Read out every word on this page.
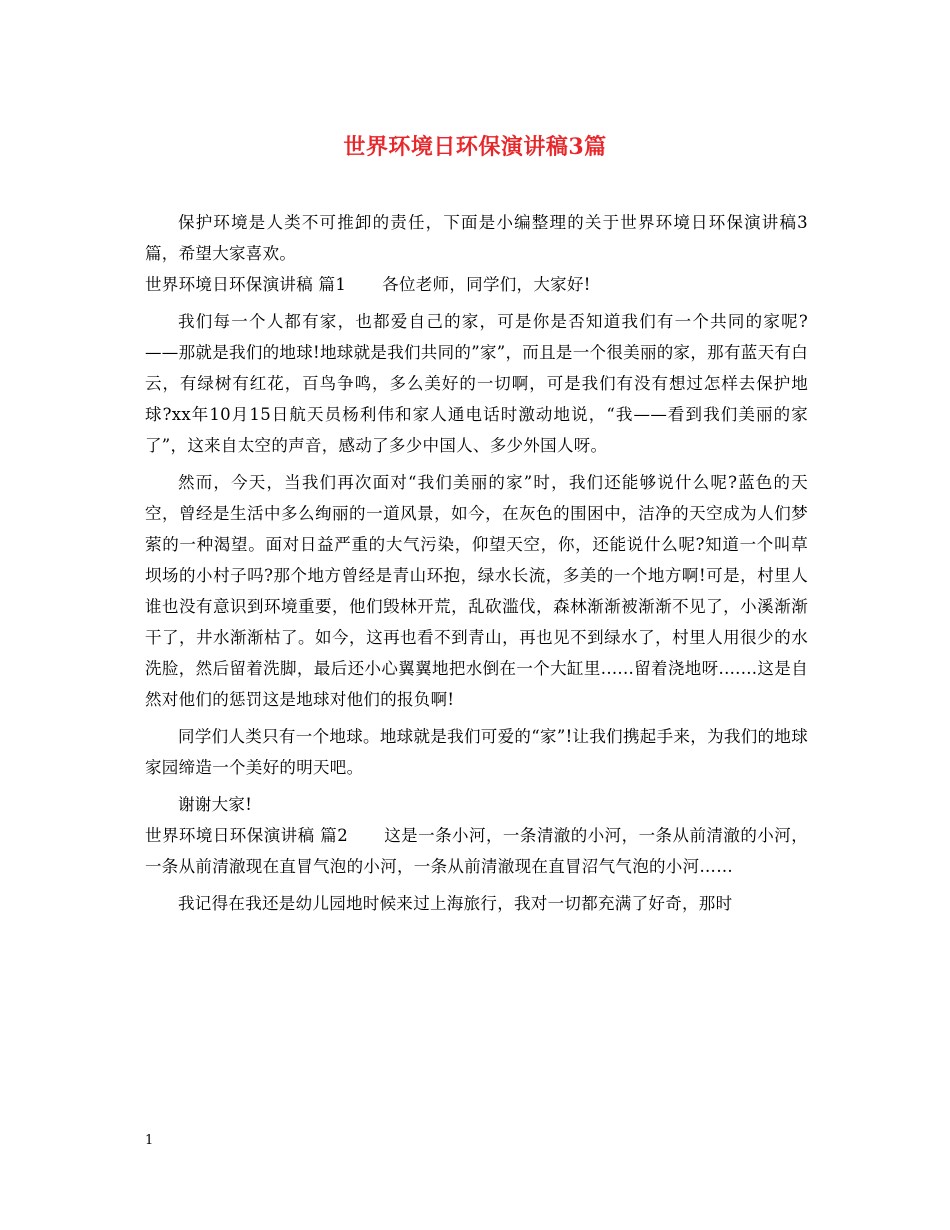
世界环境日环保演讲稿3篇

保护环境是人类不可推卸的责任，下面是小编整理的关于世界环境日环保演讲稿3篇，希望大家喜欢。

世界环境日环保演讲稿 篇1 各位老师，同学们，大家好!

我们每一个人都有家，也都爱自己的家，可是你是否知道我们有一个共同的家呢?——那就是我们的地球!地球就是我们共同的”家”，而且是一个很美丽的家，那有蓝天有白云，有绿树有红花，百鸟争鸣，多么美好的一切啊，可是我们有没有想过怎样去保护地球?xx年10月15日航天员杨利伟和家人通电话时激动地说，“我——看到我们美丽的家了”，这来自太空的声音，感动了多少中国人、多少外国人呀。

然而，今天，当我们再次面对“我们美丽的家”时，我们还能够说什么呢?蓝色的天空，曾经是生活中多么绚丽的一道风景，如今，在灰色的围困中，洁净的天空成为人们梦萦的一种渴望。面对日益严重的大气污染，仰望天空，你，还能说什么呢?知道一个叫草坝场的小村子吗?那个地方曾经是青山环抱，绿水长流，多美的一个地方啊!可是，村里人谁也没有意识到环境重要，他们毁林开荒，乱砍滥伐，森林渐渐被渐渐不见了，小溪渐渐干了，井水渐渐枯了。如今，这再也看不到青山，再也见不到绿水了，村里人用很少的水洗脸，然后留着洗脚，最后还小心翼翼地把水倒在一个大缸里......留着浇地呀.......这是自然对他们的惩罚这是地球对他们的报负啊!

同学们人类只有一个地球。地球就是我们可爱的“家”!让我们携起手来，为我们的地球家园缔造一个美好的明天吧。

谢谢大家!

世界环境日环保演讲稿 篇2 这是一条小河，一条清澈的小河，一条从前清澈的小河，一条从前清澈现在直冒气泡的小河，一条从前清澈现在直冒沼气气泡的小河……

我记得在我还是幼儿园地时候来过上海旅行，我对一切都充满了好奇，那时

1
